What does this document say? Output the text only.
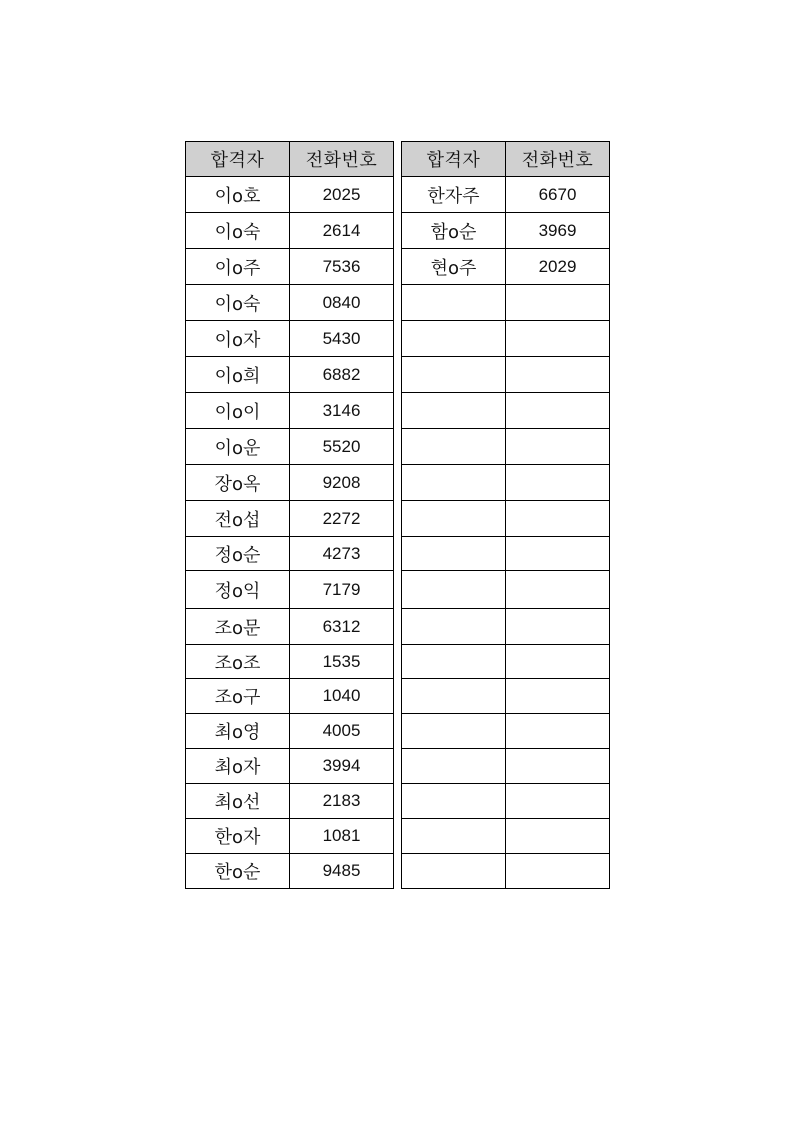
합격자	전화번호
이o호	2025
이o숙	2614
이o주	7536
이o숙	0840
이o자	5430
이o희	6882
이o이	3146
이o운	5520
장o옥	9208
전o섭	2272
정o순	4273
정o익	7179
조o문	6312
조o조	1535
조o구	1040
최o영	4005
최o자	3994
최o선	2183
한o자	1081
한o순	9485
합격자	전화번호
한자주	6670
함o순	3969
현o주	2029
